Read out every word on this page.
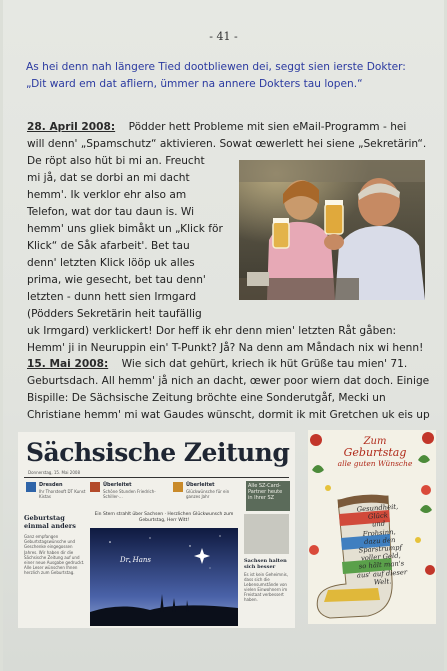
- 41 -
As hei denn nah längere Tied dootbliewen dei, seggt sien ierste Dokter:
„Dit ward em dat afliern, ümmer na annere Dokters tau lopen.“
28. April 2008: Pödder hett Probleme mit sien eMail-Programm - hei
will denn' „Spamschutz“ aktivieren. Sowat œwerlett hei siene „Sekretärin“.
De röpt also hüt bi mi an. Freucht
mi jå, dat se dorbi an mi dacht
hemm'. Ik verklor ehr also am
Telefon, wat dor tau daun is. Wi
hemm' uns gliek bimåkt un „Klick för
Klick“ de Såk afarbeit'. Bet tau
denn' letzten Klick lööp uk alles
prima, wie gesecht, bet tau denn'
letzten - dunn hett sien Irmgard
(Pödders Sekretärin heit taufällig
uk Irmgard) verklickert! Dor heff ik ehr denn mien' letzten Råt gåben:
Hemm' ji in Neuruppin ein' T-Punkt? Jå? Na denn am Måndach nix wi henn!
15. Mai 2008: Wie sich dat gehürt, kriech ik hüt Grüße tau mien' 71.
Geburtsdach. All hemm' jå nich an dacht, œwer poor wiern dat doch. Einige
Bispille: De Sächsische Zeitung bröchte eine Sonderutgåf, Mecki un
Christiane hemm' mi wat Gaudes wünscht, dormit ik mit Gretchen uk eis up
Sächsische Zeitung
Donnerstag, 15. Mai 2008
Dresden
Ihr Thorsteoft DT Kunst Kistas
Überleitet
Schöne Stunden Friedrich-Schiller-...
Überleitet
Glückwünsche für ein ganzes Jahr
Alle SZ-Card-Partner heute in Ihrer SZ
Geburtstag einmal anders
Ganz empfangen Geburtstagswünsche und Geschenke eingegossen Jahres. Wir haben dir die Sächsische Zeitung auf und einer neue Ausgabe gedruckt. Alle Leser wünschen Ihnen herzlich zum Geburtstag.
Ein Stern strahlt über Sachsen · Herzlichen Glückwunsch zum Geburtstag, Herr Witt!
Dr. Hans	Sachsen halten sich besser
Es ist kein Geheimnis, dass sich die Lebensumstände von vielen Einwohnern im Freistaat verbessert haben.
Zum
Geburtstag
alle guten Wünsche
Gesundheit,
Glück
und
Frohsinn,
dazu den
Sparstrumpf
voller Geld,
so hält man's
aus' auf dieser
Welt.
